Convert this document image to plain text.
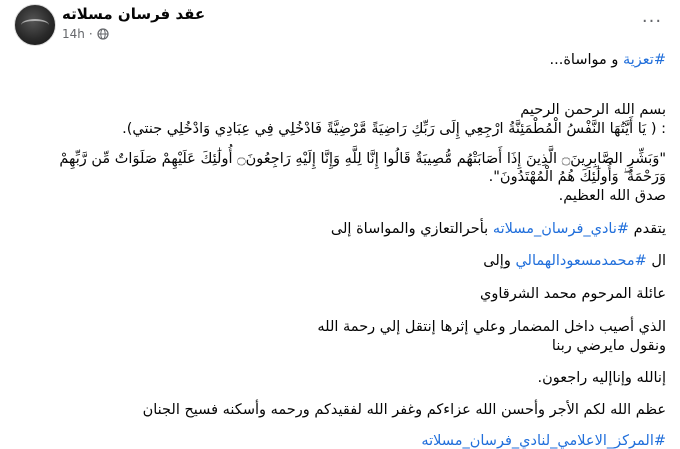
عقد فرسان مسلاته
14h ·
···
#تعزية و مواساة...
بسم الله الرحمن الرحيم
: ( يَا أَيَّتُهَا النَّفْسُ الْمُطْمَئِنَّةُ ارْجِعِي إِلَى رَبِّكِ رَاضِيَةً مَّرْضِيَّةً فَادْخُلِي فِي عِبَادِي وَادْخُلِي جنتي).
"وَبَشِّرِ الصَّابِرِينَ۝ الَّذِينَ إِذَا أَصَابَتْهُم مُّصِيبَةٌ قَالُوا إِنَّا لِلَّهِ وَإِنَّا إِلَيْهِ رَاجِعُونَ۝ أُولَٰئِكَ عَلَيْهِمْ صَلَوَاتٌ مِّن رَّبِّهِمْ
وَرَحْمَةٌ ۖ وَأُولَٰئِكَ هُمُ الْمُهْتَدُونَ".
صدق الله العظيم.
يتقدم #نادي_فرسان_مسلاته بأحرالتعازي والمواساة إلى
ال #محمدمسعودالهمالي وإلى
عائلة المرحوم محمد الشرقاوي
الذي أصيب داخل المضمار وعلي إثرها إنتقل إلي رحمة الله
ونقول مايرضي ربنا
إنالله وإناإليه راجعون.
عظم الله لكم الأجر وأحسن الله عزاءكم وغفر الله لفقيدكم ورحمه وأسكنه فسيح الجنان
#المركز_الاعلامي_لنادي_فرسان_مسلاته
